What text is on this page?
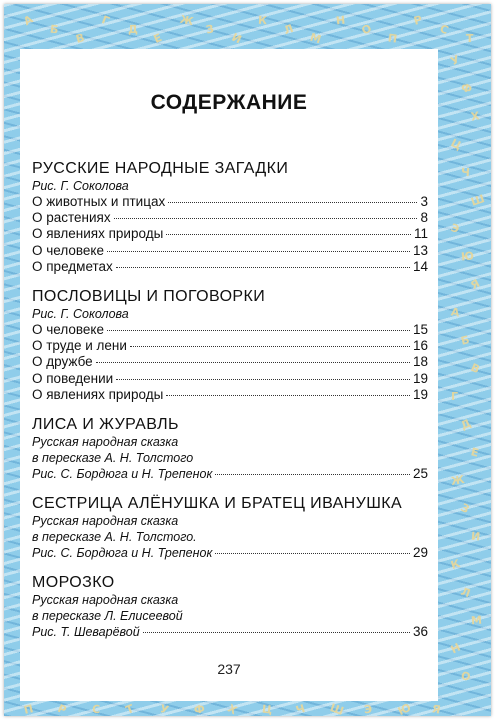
А
Б
В
Г
Д
Е
Ж
З
И
К
Л
М
Н
О
П
Р
С
Т
У
Ф
Х
Ц
Ч
Ш
Э
Ю
Я
А
Б
В
Г
Д
Е
Ж
З
И
К
Л
М
Н
О
П Р С Т У Ф Х Ц Ч Ш Э Ю Я
СОДЕРЖАНИЕ
РУССКИЕ НАРОДНЫЕ ЗАГАДКИ
Рис. Г. Соколова
О животных и птицах	3
О растениях	8
О явлениях природы	11
О человеке	13
О предметах	14
ПОСЛОВИЦЫ И ПОГОВОРКИ
Рис. Г. Соколова
О человеке	15
О труде и лени	16
О дружбе	18
О поведении	19
О явлениях природы	19
ЛИСА И ЖУРАВЛЬ
Русская народная сказка
в пересказе А. Н. Толстого
Рис. С. Бордюга и Н. Трепенок	25
СЕСТРИЦА АЛЁНУШКА И БРАТЕЦ ИВАНУШКА
Русская народная сказка
в пересказе А. Н. Толстого.
Рис. С. Бордюга и Н. Трепенок	29
МОРОЗКО
Русская народная сказка
в пересказе Л. Елисеевой
Рис. Т. Шеварёвой	36
237
